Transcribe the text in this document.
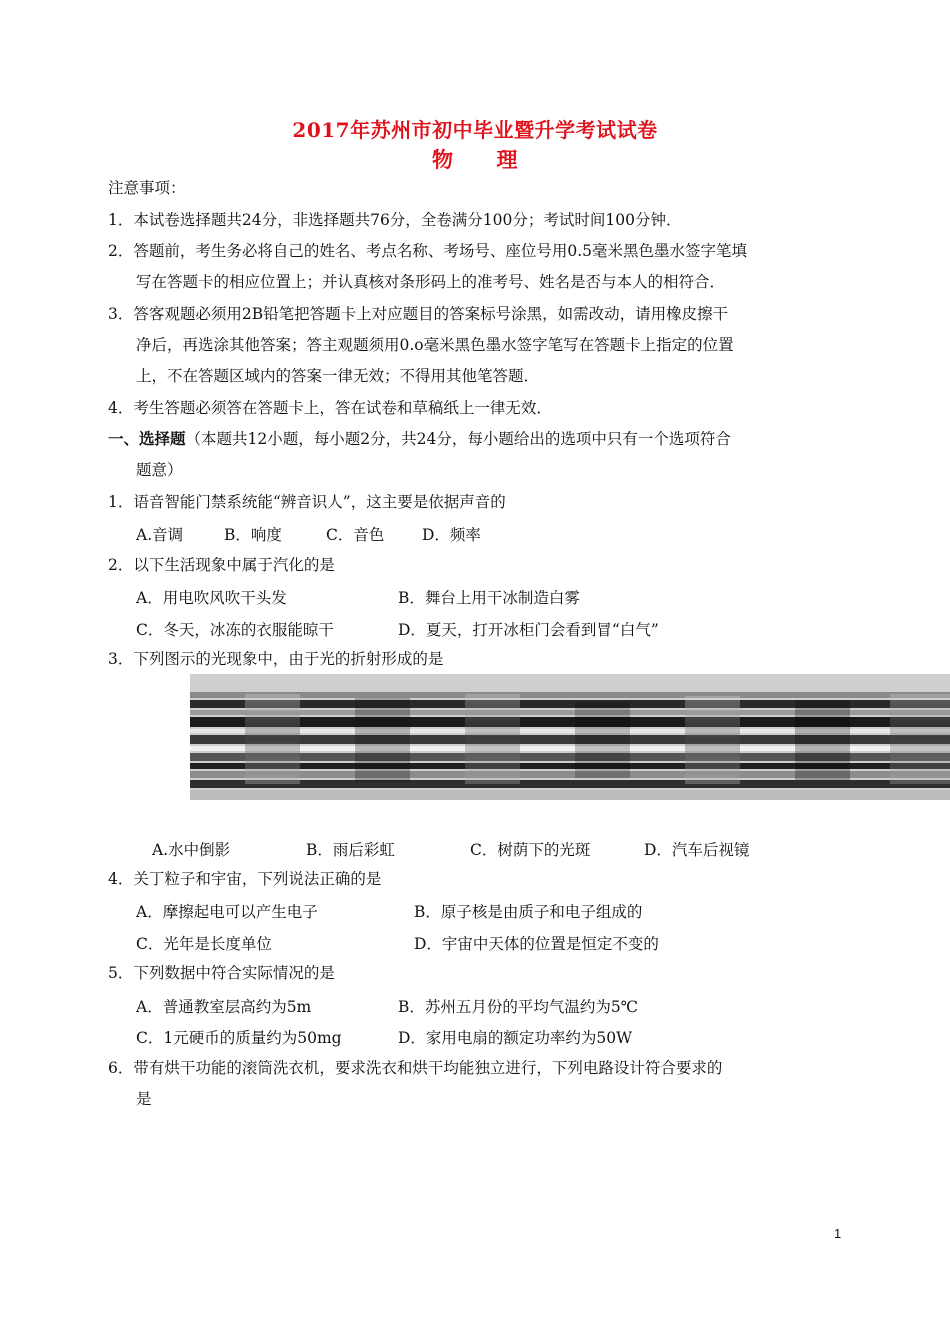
2017年苏州市初中毕业暨升学考试试卷
物　　理
注意事项：
1．本试卷选择题共24分，非选择题共76分，全卷满分100分；考试时间100分钟．
2．答题前，考生务必将自己的姓名、考点名称、考场号、座位号用0.5毫米黑色墨水签字笔填
写在答题卡的相应位置上；并认真核对条形码上的准考号、姓名是否与本人的相符合．
3．答客观题必须用2B铅笔把答题卡上对应题目的答案标号涂黑，如需改动，请用橡皮擦干
净后，再选涂其他答案；答主观题须用0.o毫米黑色墨水签字笔写在答题卡上指定的位置
上，不在答题区域内的答案一律无效；不得用其他笔答题．
4．考生答题必须答在答题卡上，答在试卷和草稿纸上一律无效．
一、选择题（本题共12小题，每小题2分，共24分，每小题给出的选项中只有一个选项符合
题意）
1．语音智能门禁系统能“辨音识人”，这主要是依据声音的
A.音调	B．响度	C．音色 D．频率
2．以下生活现象中属于汽化的是
A．用电吹风吹干头发	B．舞台上用干冰制造白雾
C．冬天，冰冻的衣服能晾干	D．夏天，打开冰柜门会看到冒“白气”
3．下列图示的光现象中，由于光的折射形成的是
A.水中倒影	B．雨后彩虹	C．树荫下的光斑	D．汽车后视镜
4．关丁粒子和宇宙，下列说法正确的是
A．摩擦起电可以产生电子	B．原子核是由质子和电子组成的
C．光年是长度单位	D．宇宙中天体的位置是恒定不变的
5．下列数据中符合实际情况的是
A．普通教室层高约为5m	B．苏州五月份的平均气温约为5℃
C．1元硬币的质量约为50mg	D．家用电扇的额定功率约为50W
6．带有烘干功能的滚筒洗衣机，要求洗衣和烘干均能独立进行，下列电路设计符合要求的
是
1
